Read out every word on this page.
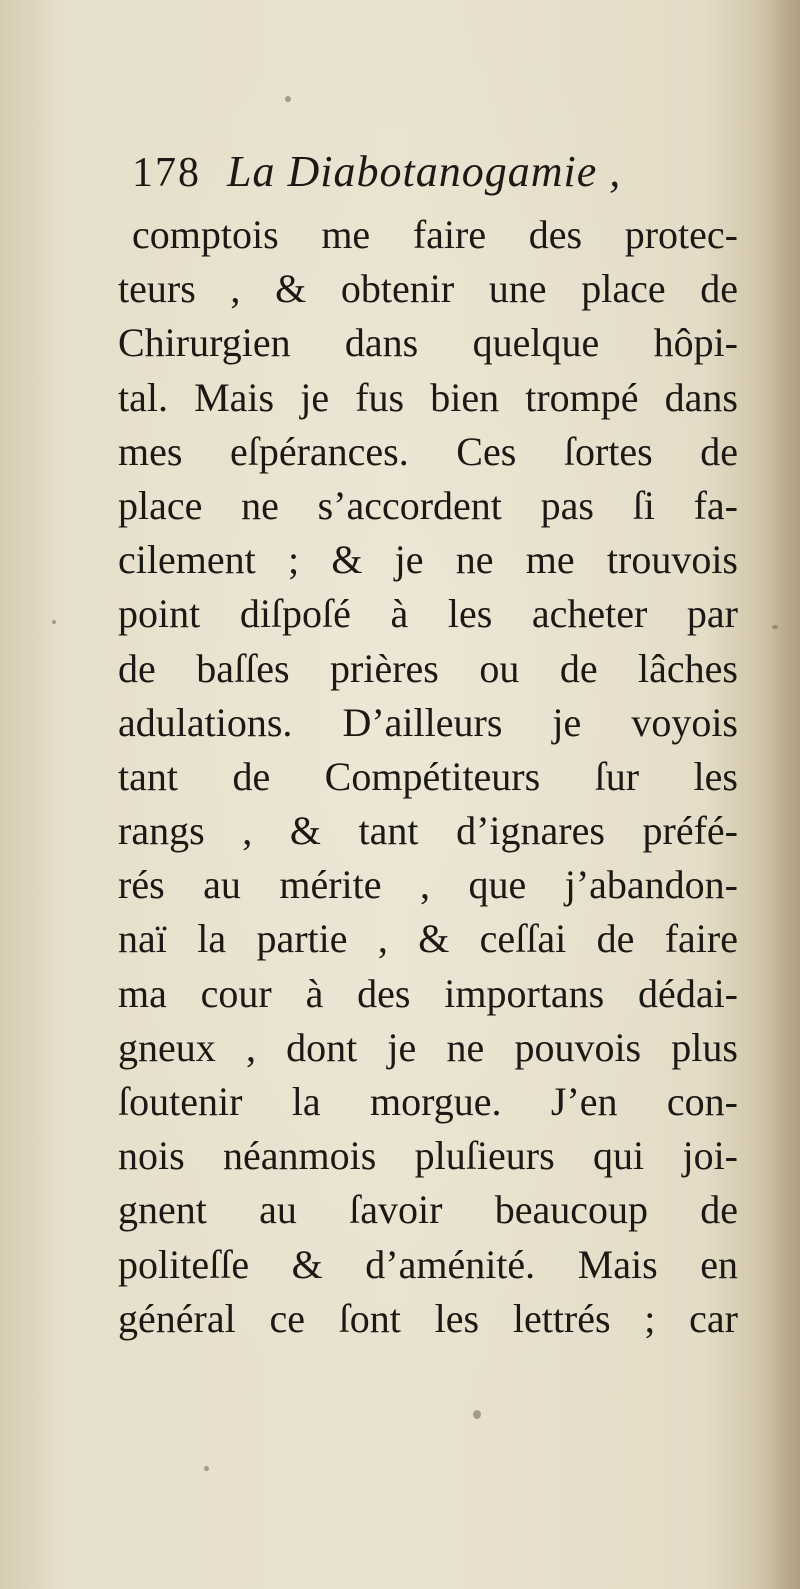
178 La Diabotanogamie ,
comptois me faire des protec-
teurs , & obtenir une place de
Chirurgien dans quelque hôpi-
tal. Mais je fus bien trompé dans
mes eſpérances. Ces ſortes de
place ne s’accordent pas ſi fa-
cilement ; & je ne me trouvois
point diſpoſé à les acheter par
de baſſes prières ou de lâches
adulations. D’ailleurs je voyois
tant de Compétiteurs ſur les
rangs , & tant d’ignares préfé-
rés au mérite , que j’abandon-
naï la partie , & ceſſai de faire
ma cour à des importans dédai-
gneux , dont je ne pouvois plus
ſoutenir la morgue. J’en con-
nois néanmois pluſieurs qui joi-
gnent au ſavoir beaucoup de
politeſſe & d’aménité. Mais en
général ce ſont les lettrés ; car
